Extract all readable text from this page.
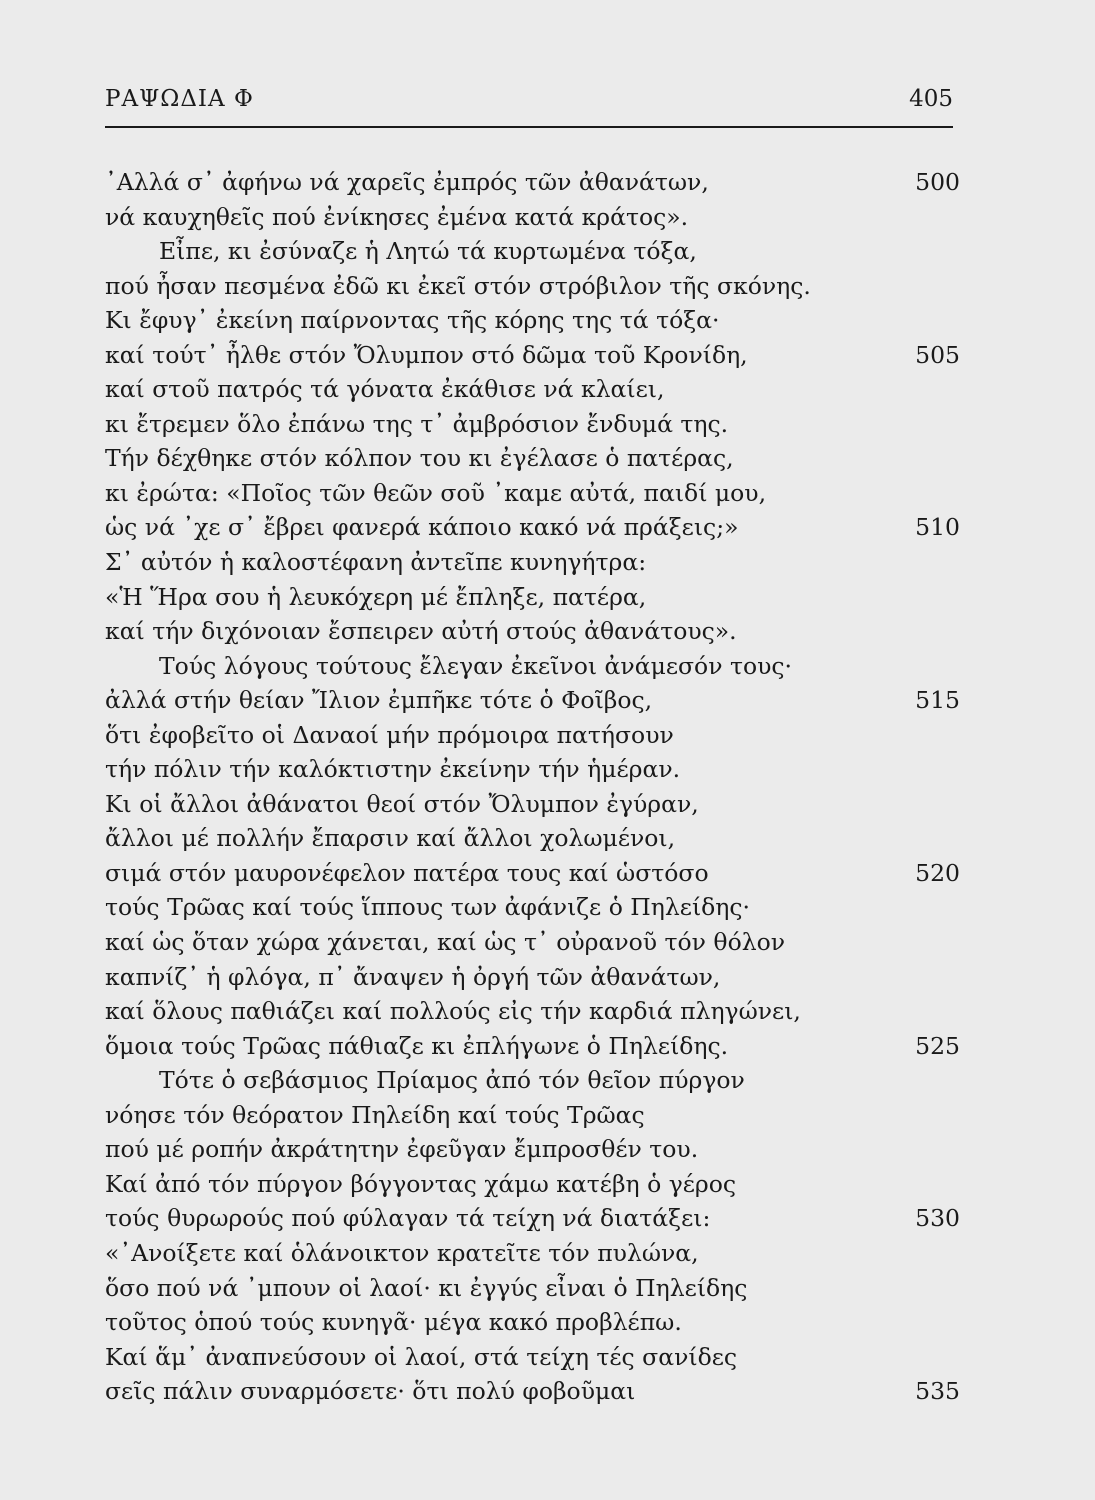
ΡΑΨΩΔΙΑ Φ	405
᾿Αλλά σ᾿ ἀφήνω νά χαρεῖς ἐμπρός τῶν ἀθανάτων,	500
νά καυχηθεῖς πού ἐνίκησες ἐμένα κατά κράτος».
Εἶπε, κι ἐσύναζε ἡ Λητώ τά κυρτωμένα τόξα,
πού ἦσαν πεσμένα ἐδῶ κι ἐκεῖ στόν στρόβιλον τῆς σκόνης.
Κι ἔφυγ᾿ ἐκείνη παίρνοντας τῆς κόρης της τά τόξα·
καί τούτ᾿ ἦλθε στόν Ὄλυμπον στό δῶμα τοῦ Κρονίδη,	505
καί στοῦ πατρός τά γόνατα ἐκάθισε νά κλαίει,
κι ἔτρεμεν ὅλο ἐπάνω της τ᾿ ἀμβρόσιον ἔνδυμά της.
Τήν δέχθηκε στόν κόλπον του κι ἐγέλασε ὁ πατέρας,
κι ἐρώτα: «Ποῖος τῶν θεῶν σοῦ ᾿καμε αὐτά, παιδί μου,
ὡς νά ᾿χε σ᾿ ἔβρει φανερά κάποιο κακό νά πράξεις;»	510
Σ᾿ αὐτόν ἡ καλοστέφανη ἀντεῖπε κυνηγήτρα:
«Ἡ Ἥρα σου ἡ λευκόχερη μέ ἔπληξε, πατέρα,
καί τήν διχόνοιαν ἔσπειρεν αὐτή στούς ἀθανάτους».
Τούς λόγους τούτους ἔλεγαν ἐκεῖνοι ἀνάμεσόν τους·
ἀλλά στήν θείαν Ἴλιον ἐμπῆκε τότε ὁ Φοῖβος,	515
ὅτι ἐφοβεῖτο οἱ Δαναοί μήν πρόμοιρα πατήσουν
τήν πόλιν τήν καλόκτιστην ἐκείνην τήν ἡμέραν.
Κι οἱ ἄλλοι ἀθάνατοι θεοί στόν Ὄλυμπον ἐγύραν,
ἄλλοι μέ πολλήν ἔπαρσιν καί ἄλλοι χολωμένοι,
σιμά στόν μαυρονέφελον πατέρα τους καί ὡστόσο	520
τούς Τρῶας καί τούς ἵππους των ἀφάνιζε ὁ Πηλείδης·
καί ὡς ὅταν χώρα χάνεται, καί ὡς τ᾿ οὐρανοῦ τόν θόλον
καπνίζ᾿ ἡ φλόγα, π᾿ ἄναψεν ἡ ὀργή τῶν ἀθανάτων,
καί ὅλους παθιάζει καί πολλούς εἰς τήν καρδιά πληγώνει,
ὅμοια τούς Τρῶας πάθιαζε κι ἐπλήγωνε ὁ Πηλείδης.	525
Τότε ὁ σεβάσμιος Πρίαμος ἀπό τόν θεῖον πύργον
νόησε τόν θεόρατον Πηλείδη καί τούς Τρῶας
πού μέ ροπήν ἀκράτητην ἐφεῦγαν ἔμπροσθέν του.
Καί ἀπό τόν πύργον βόγγοντας χάμω κατέβη ὁ γέρος
τούς θυρωρούς πού φύλαγαν τά τείχη νά διατάξει:	530
«᾿Ανοίξετε καί ὁλάνοικτον κρατεῖτε τόν πυλώνα,
ὅσο πού νά ᾿μπουν οἱ λαοί· κι ἐγγύς εἶναι ὁ Πηλείδης
τοῦτος ὁπού τούς κυνηγᾶ· μέγα κακό προβλέπω.
Καί ἅμ᾿ ἀναπνεύσουν οἱ λαοί, στά τείχη τές σανίδες
σεῖς πάλιν συναρμόσετε· ὅτι πολύ φοβοῦμαι	535
